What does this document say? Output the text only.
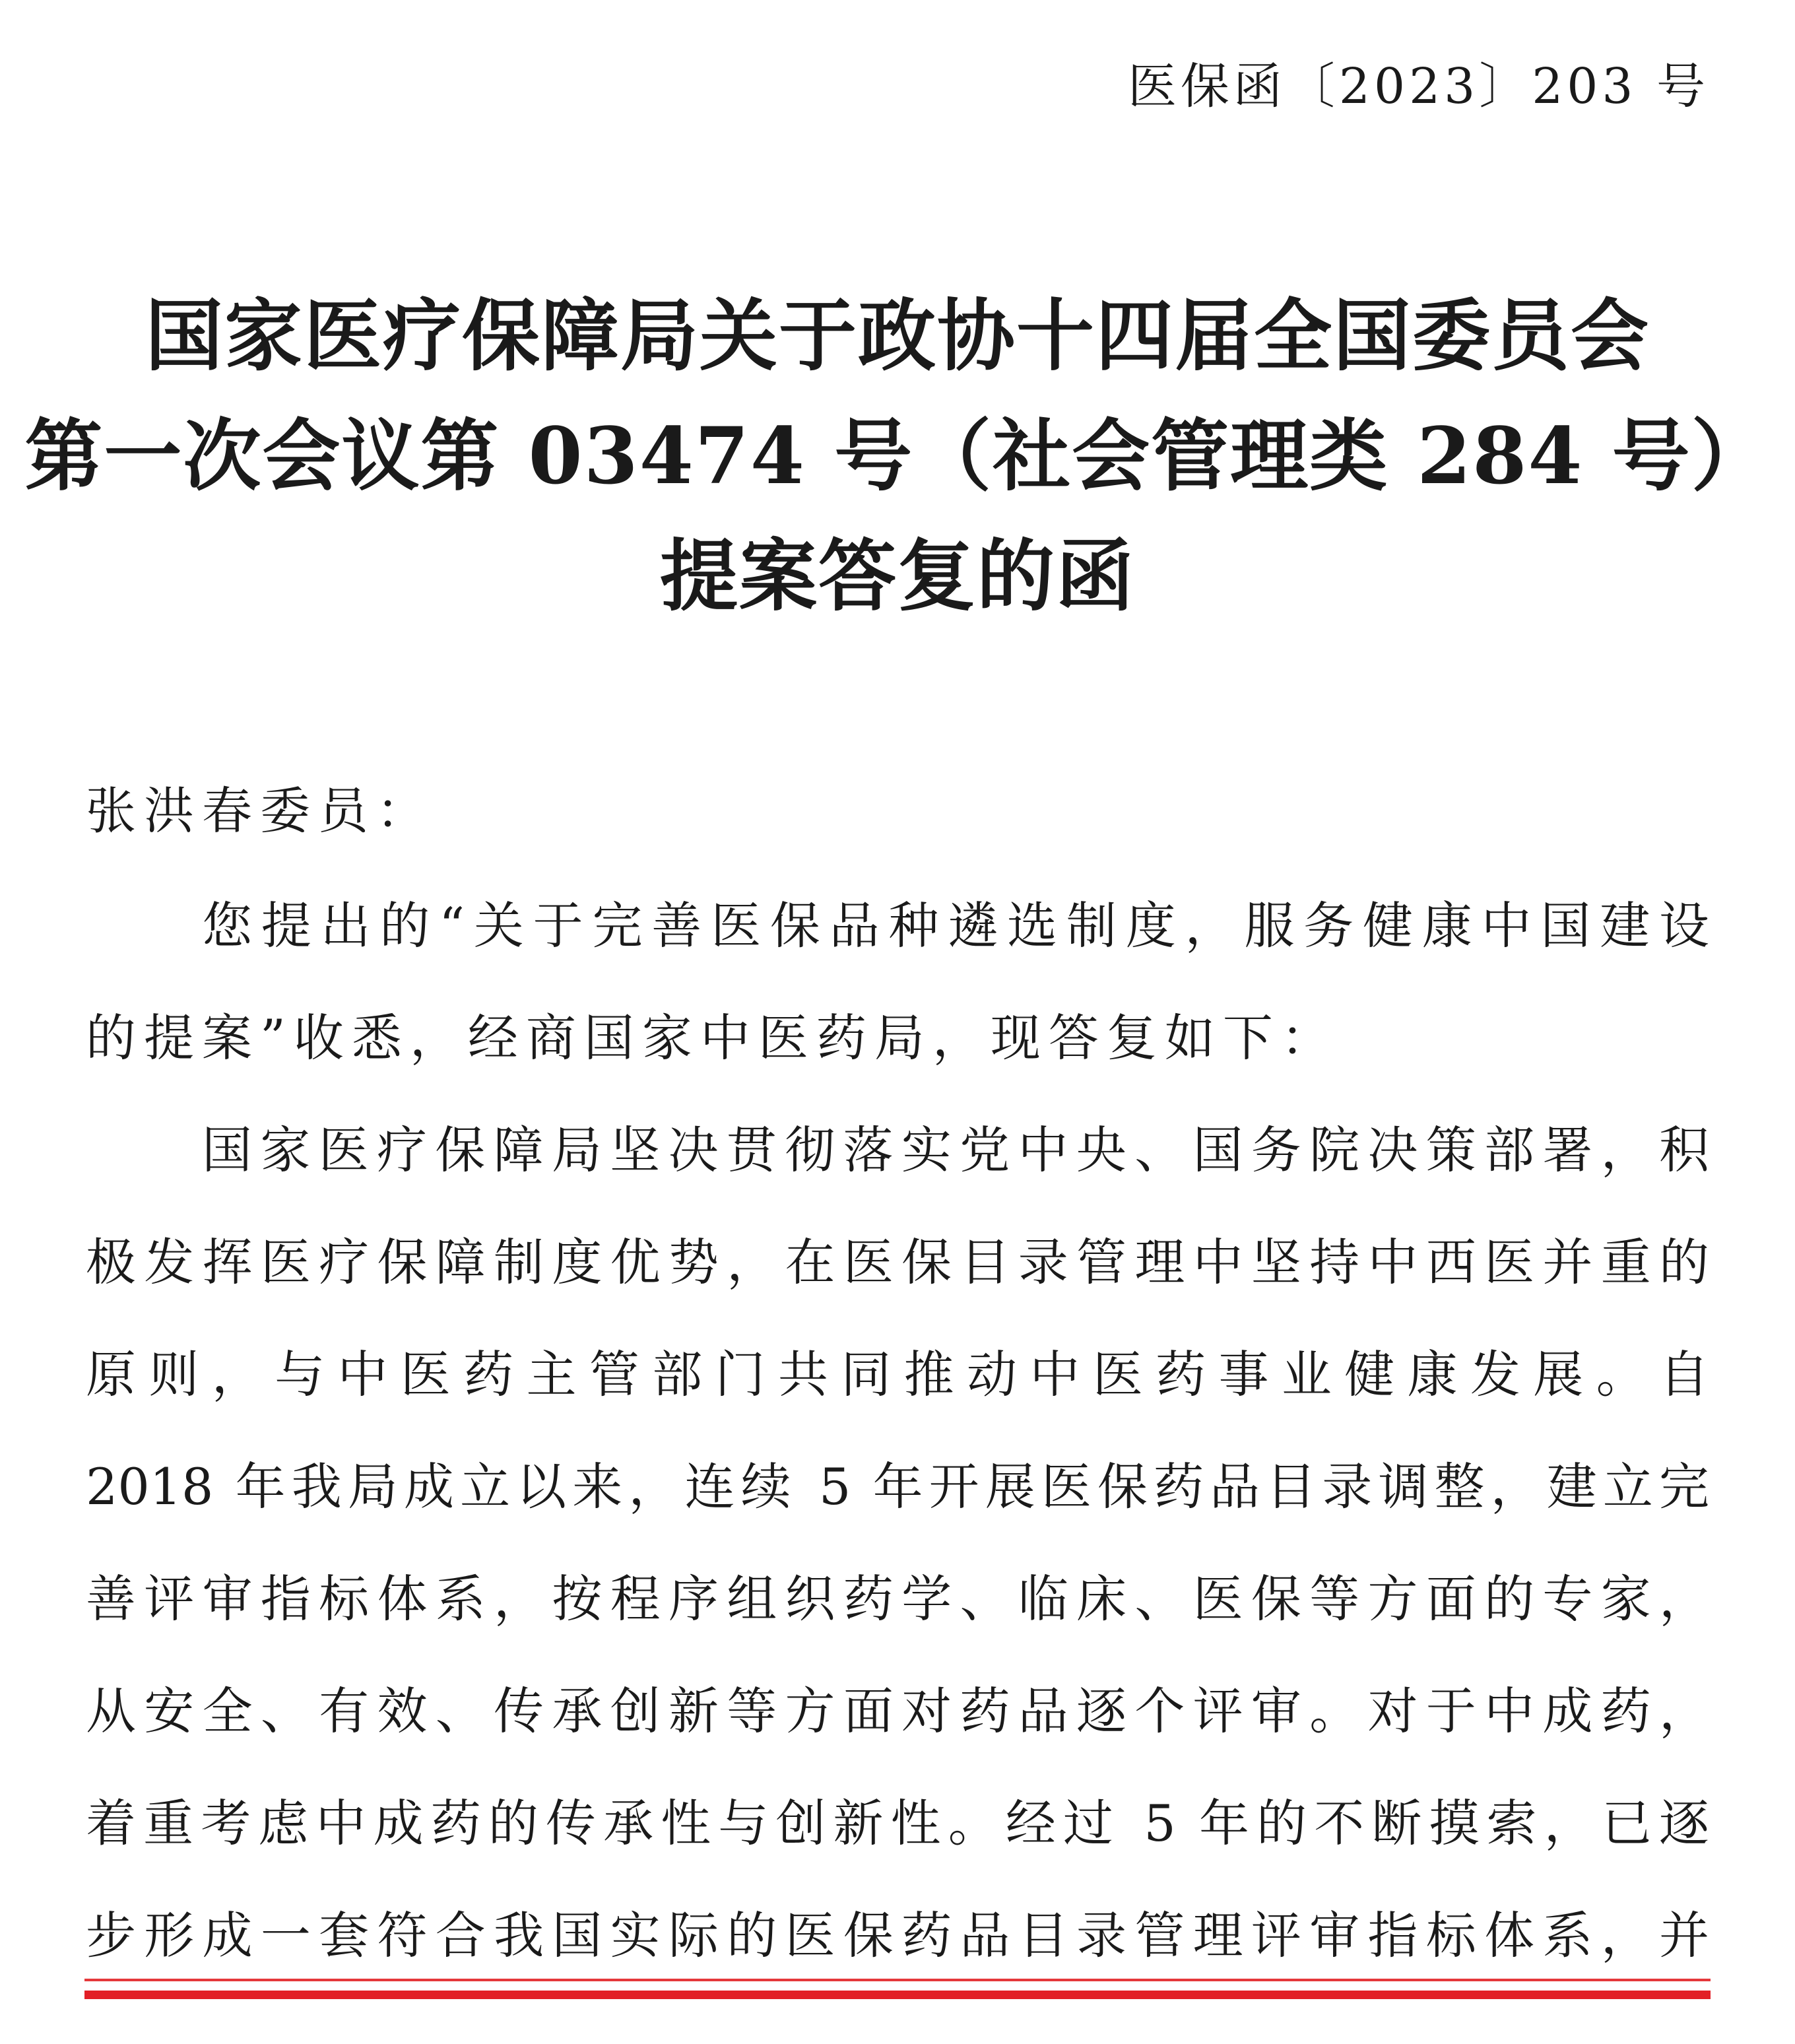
医保函〔2023〕203 号
国家医疗保障局关于政协十四届全国委员会
第一次会议第 03474 号（社会管理类 284 号）
提案答复的函
张洪春委员：
您提出的“关于完善医保品种遴选制度，服务健康中国建设
的提案”收悉，经商国家中医药局，现答复如下：
国家医疗保障局坚决贯彻落实党中央、国务院决策部署，积
极发挥医疗保障制度优势，在医保目录管理中坚持中西医并重的
原则，与中医药主管部门共同推动中医药事业健康发展。自
2018 年我局成立以来，连续 5 年开展医保药品目录调整，建立完
善评审指标体系，按程序组织药学、临床、医保等方面的专家，
从安全、有效、传承创新等方面对药品逐个评审。对于中成药，
着重考虑中成药的传承性与创新性。经过 5 年的不断摸索，已逐
步形成一套符合我国实际的医保药品目录管理评审指标体系，并
